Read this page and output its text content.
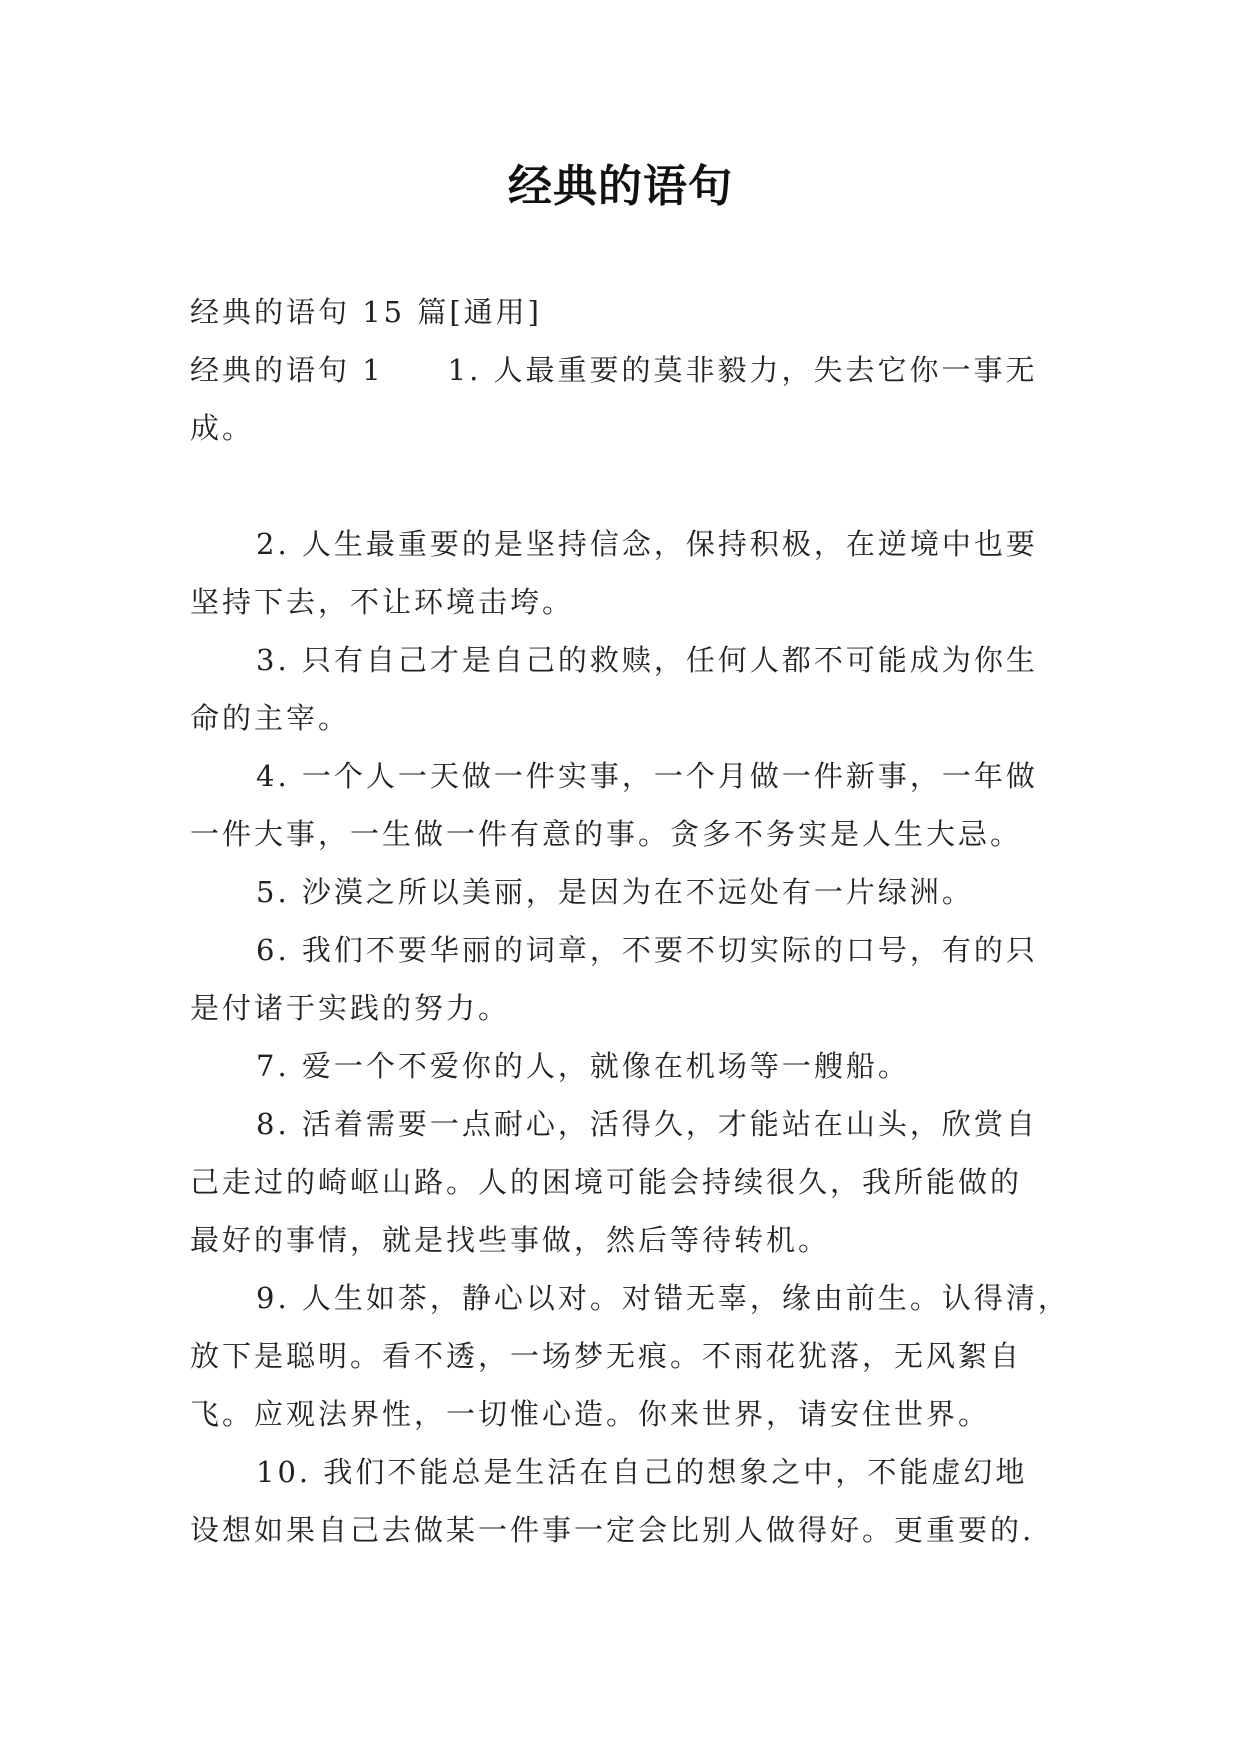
经典的语句

经典的语句 15 篇[通用]

经典的语句 1 1. 人最重要的莫非毅力，失去它你一事无

成。

2. 人生最重要的是坚持信念，保持积极，在逆境中也要

坚持下去，不让环境击垮。

3. 只有自己才是自己的救赎，任何人都不可能成为你生

命的主宰。

4. 一个人一天做一件实事，一个月做一件新事，一年做

一件大事，一生做一件有意的事。贪多不务实是人生大忌。

5. 沙漠之所以美丽，是因为在不远处有一片绿洲。

6. 我们不要华丽的词章，不要不切实际的口号，有的只

是付诸于实践的努力。

7. 爱一个不爱你的人，就像在机场等一艘船。

8. 活着需要一点耐心，活得久，才能站在山头，欣赏自

己走过的崎岖山路。人的困境可能会持续很久，我所能做的

最好的事情，就是找些事做，然后等待转机。

9. 人生如茶，静心以对。对错无辜，缘由前生。认得清，

放下是聪明。看不透，一场梦无痕。不雨花犹落，无风絮自

飞。应观法界性，一切惟心造。你来世界，请安住世界。

10. 我们不能总是生活在自己的想象之中，不能虚幻地

设想如果自己去做某一件事一定会比别人做得好。更重要的.
